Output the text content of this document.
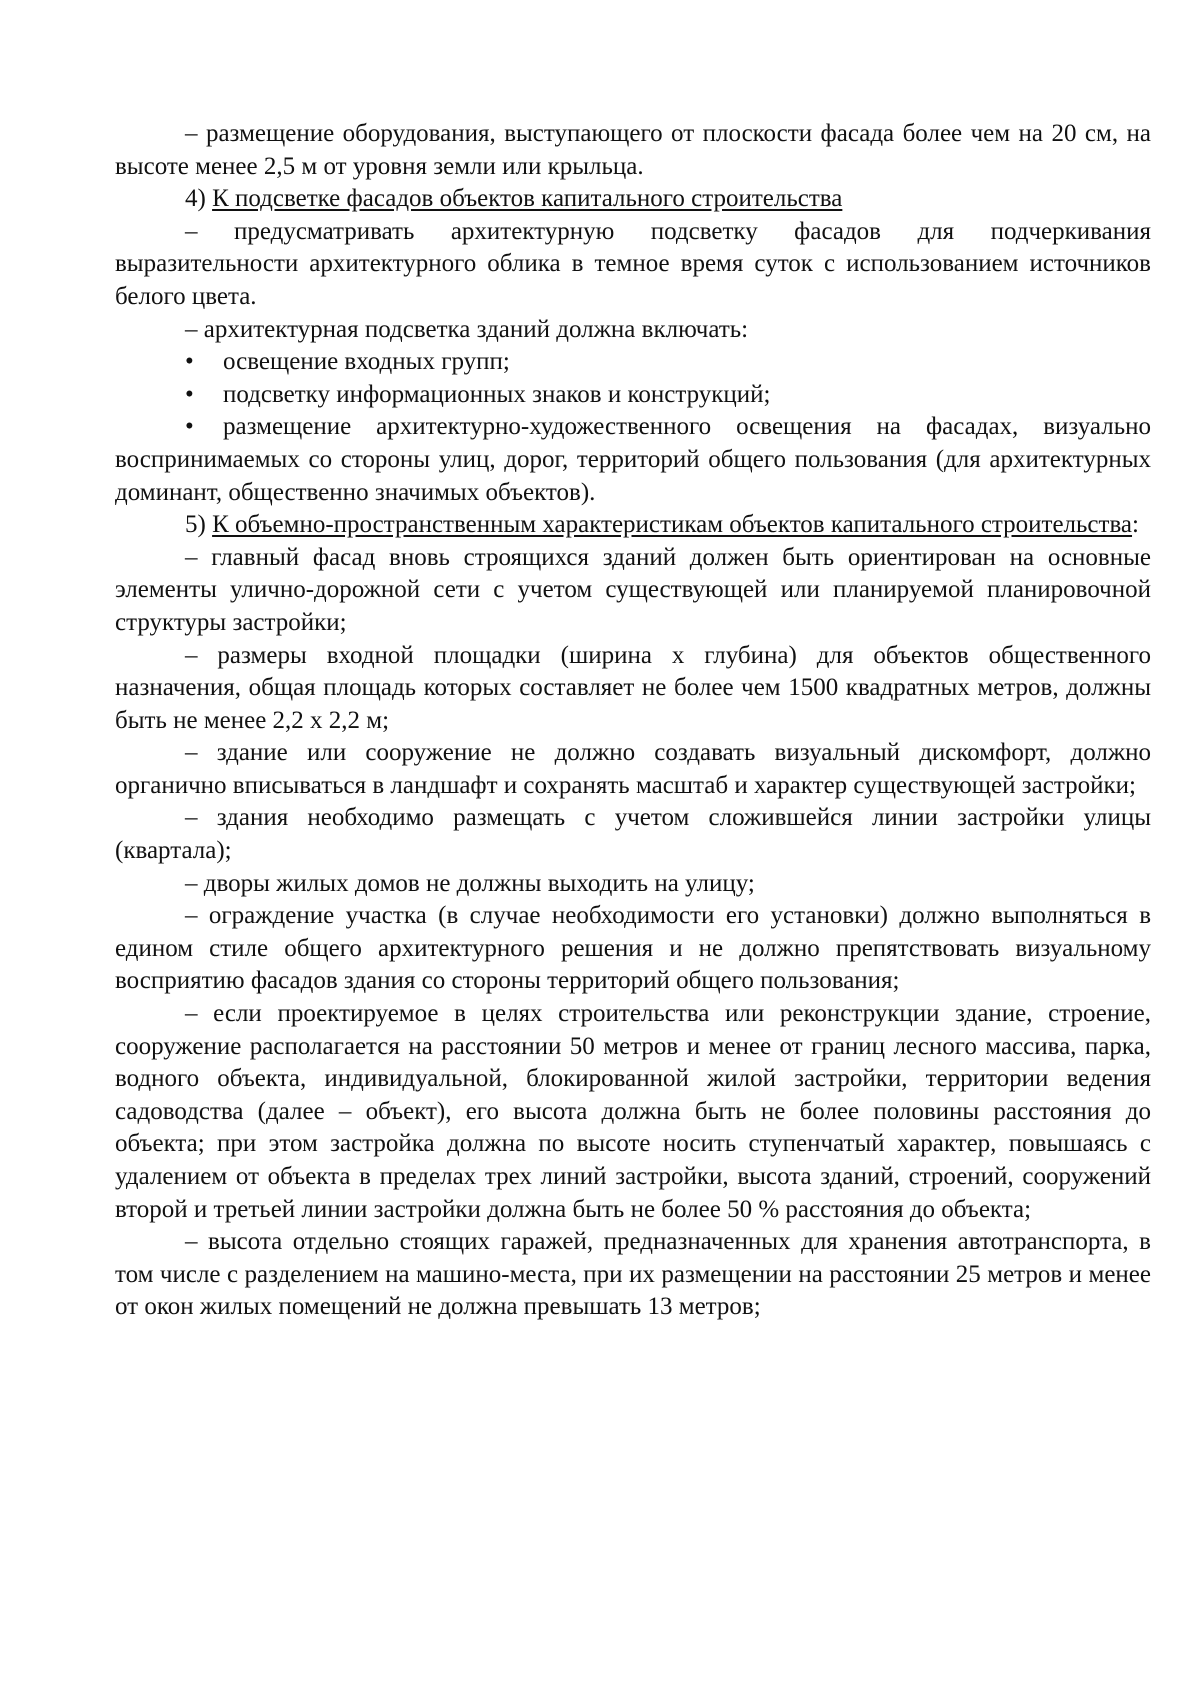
– размещение оборудования, выступающего от плоскости фасада более чем на 20 см, на высоте менее 2,5 м от уровня земли или крыльца.

4) К подсветке фасадов объектов капитального строительства

– предусматривать архитектурную подсветку фасадов для подчеркивания выразительности архитектурного облика в темное время суток с использованием источников белого цвета.

– архитектурная подсветка зданий должна включать:

• освещение входных групп;

• подсветку информационных знаков и конструкций;

• размещение архитектурно-художественного освещения на фасадах, визуально воспринимаемых со стороны улиц, дорог, территорий общего пользования (для архитектурных доминант, общественно значимых объектов).

5) К объемно-пространственным характеристикам объектов капитального строительства:

– главный фасад вновь строящихся зданий должен быть ориентирован на основные элементы улично-дорожной сети с учетом существующей или планируемой планировочной структуры застройки;

– размеры входной площадки (ширина х глубина) для объектов общественного назначения, общая площадь которых составляет не более чем 1500 квадратных метров, должны быть не менее 2,2 х 2,2 м;

– здание или сооружение не должно создавать визуальный дискомфорт, должно органично вписываться в ландшафт и сохранять масштаб и характер существующей застройки;

– здания необходимо размещать с учетом сложившейся линии застройки улицы (квартала);

– дворы жилых домов не должны выходить на улицу;

– ограждение участка (в случае необходимости его установки) должно выполняться в едином стиле общего архитектурного решения и не должно препятствовать визуальному восприятию фасадов здания со стороны территорий общего пользования;

– если проектируемое в целях строительства или реконструкции здание, строение, сооружение располагается на расстоянии 50 метров и менее от границ лесного массива, парка, водного объекта, индивидуальной, блокированной жилой застройки, территории ведения садоводства (далее – объект), его высота должна быть не более половины расстояния до объекта; при этом застройка должна по высоте носить ступенчатый характер, повышаясь с удалением от объекта в пределах трех линий застройки, высота зданий, строений, сооружений второй и третьей линии застройки должна быть не более 50 % расстояния до объекта;

– высота отдельно стоящих гаражей, предназначенных для хранения автотранспорта, в том числе с разделением на машино-места, при их размещении на расстоянии 25 метров и менее от окон жилых помещений не должна превышать 13 метров;
